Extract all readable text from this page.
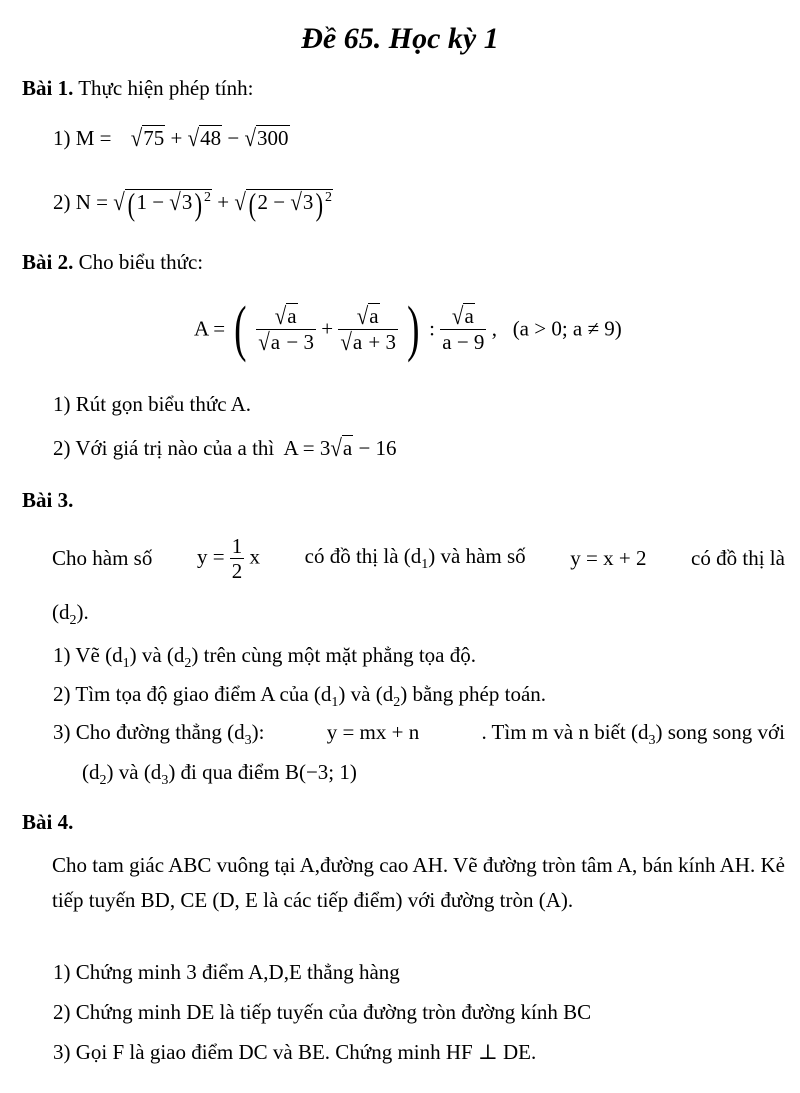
Đề 65. Học kỳ 1
Bài 1. Thực hiện phép tính:
1) M = √75 + √48 − √300
2) N = √(1 − √3) $^2$ + √(2 − √3) $^2$
Bài 2. Cho biểu thức:
A = ( $\frac{√a}{√a - 3} + \frac{√a}{√a + 3}$ ) : $\frac{√a}{a - 9}$ ,   (a > 0; a ≠ 9)
1) Rút gọn biểu thức A.
2) Với giá trị nào của a thì A = 3√a − 16
Bài 3.
Cho hàm số $y = \frac{1}{2}$ x có đồ thị là $(d_1)$ và hàm số y = x + 2 có đồ thị là
$(d_2)$.
1) Vẽ $(d_1)$ và $(d_2)$ trên cùng một mặt phẳng tọa độ.
2) Tìm tọa độ giao điểm A của $(d_1)$ và $(d_2)$ bằng phép toán.
3) Cho đường thẳng $(d_3)$:	y = mx + n	. Tìm m và n biết $(d_3)$ song song với
$(d_2)$ và $(d_3)$ đi qua điểm B(−3; 1)
Bài 4.
Cho tam giác ABC vuông tại A,đường cao AH. Vẽ đường tròn tâm A, bán kính AH. Kẻ tiếp tuyến BD, CE (D, E là các tiếp điểm) với đường tròn (A).
1) Chứng minh 3 điểm A,D,E thẳng hàng
2) Chứng minh DE là tiếp tuyến của đường tròn đường kính BC
3) Gọi F là giao điểm DC và BE. Chứng minh HF ⊥ DE.
